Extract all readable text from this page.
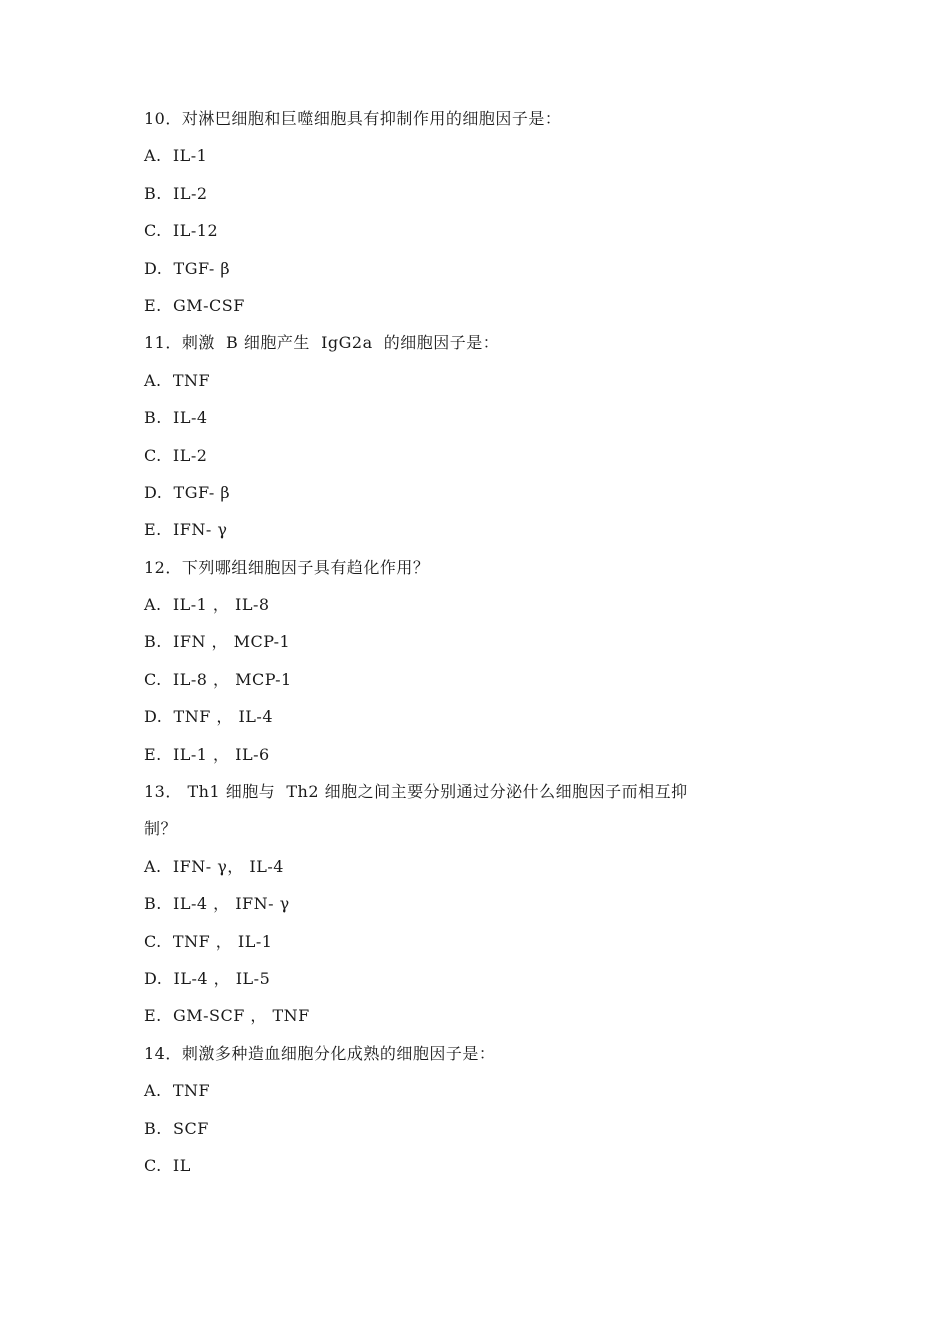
10．对淋巴细胞和巨噬细胞具有抑制作用的细胞因子是：
A.  IL-1
B.  IL-2
C.  IL-12
D.  TGF- β
E.  GM-CSF
11．刺激  B 细胞产生  IgG2a  的细胞因子是：
A.  TNF
B.  IL-4
C.  IL-2
D.  TGF- β
E.  IFN- γ
12．下列哪组细胞因子具有趋化作用？
A.  IL-1 ， IL-8
B.  IFN ， MCP-1
C.  IL-8 ， MCP-1
D.  TNF ， IL-4
E.  IL-1 ， IL-6
13． Th1 细胞与  Th2 细胞之间主要分别通过分泌什么细胞因子而相互抑
制？
A.  IFN- γ， IL-4
B.  IL-4 ， IFN- γ
C.  TNF ， IL-1
D.  IL-4 ， IL-5
E.  GM-SCF ， TNF
14．刺激多种造血细胞分化成熟的细胞因子是：
A.  TNF
B.  SCF
C.  IL
